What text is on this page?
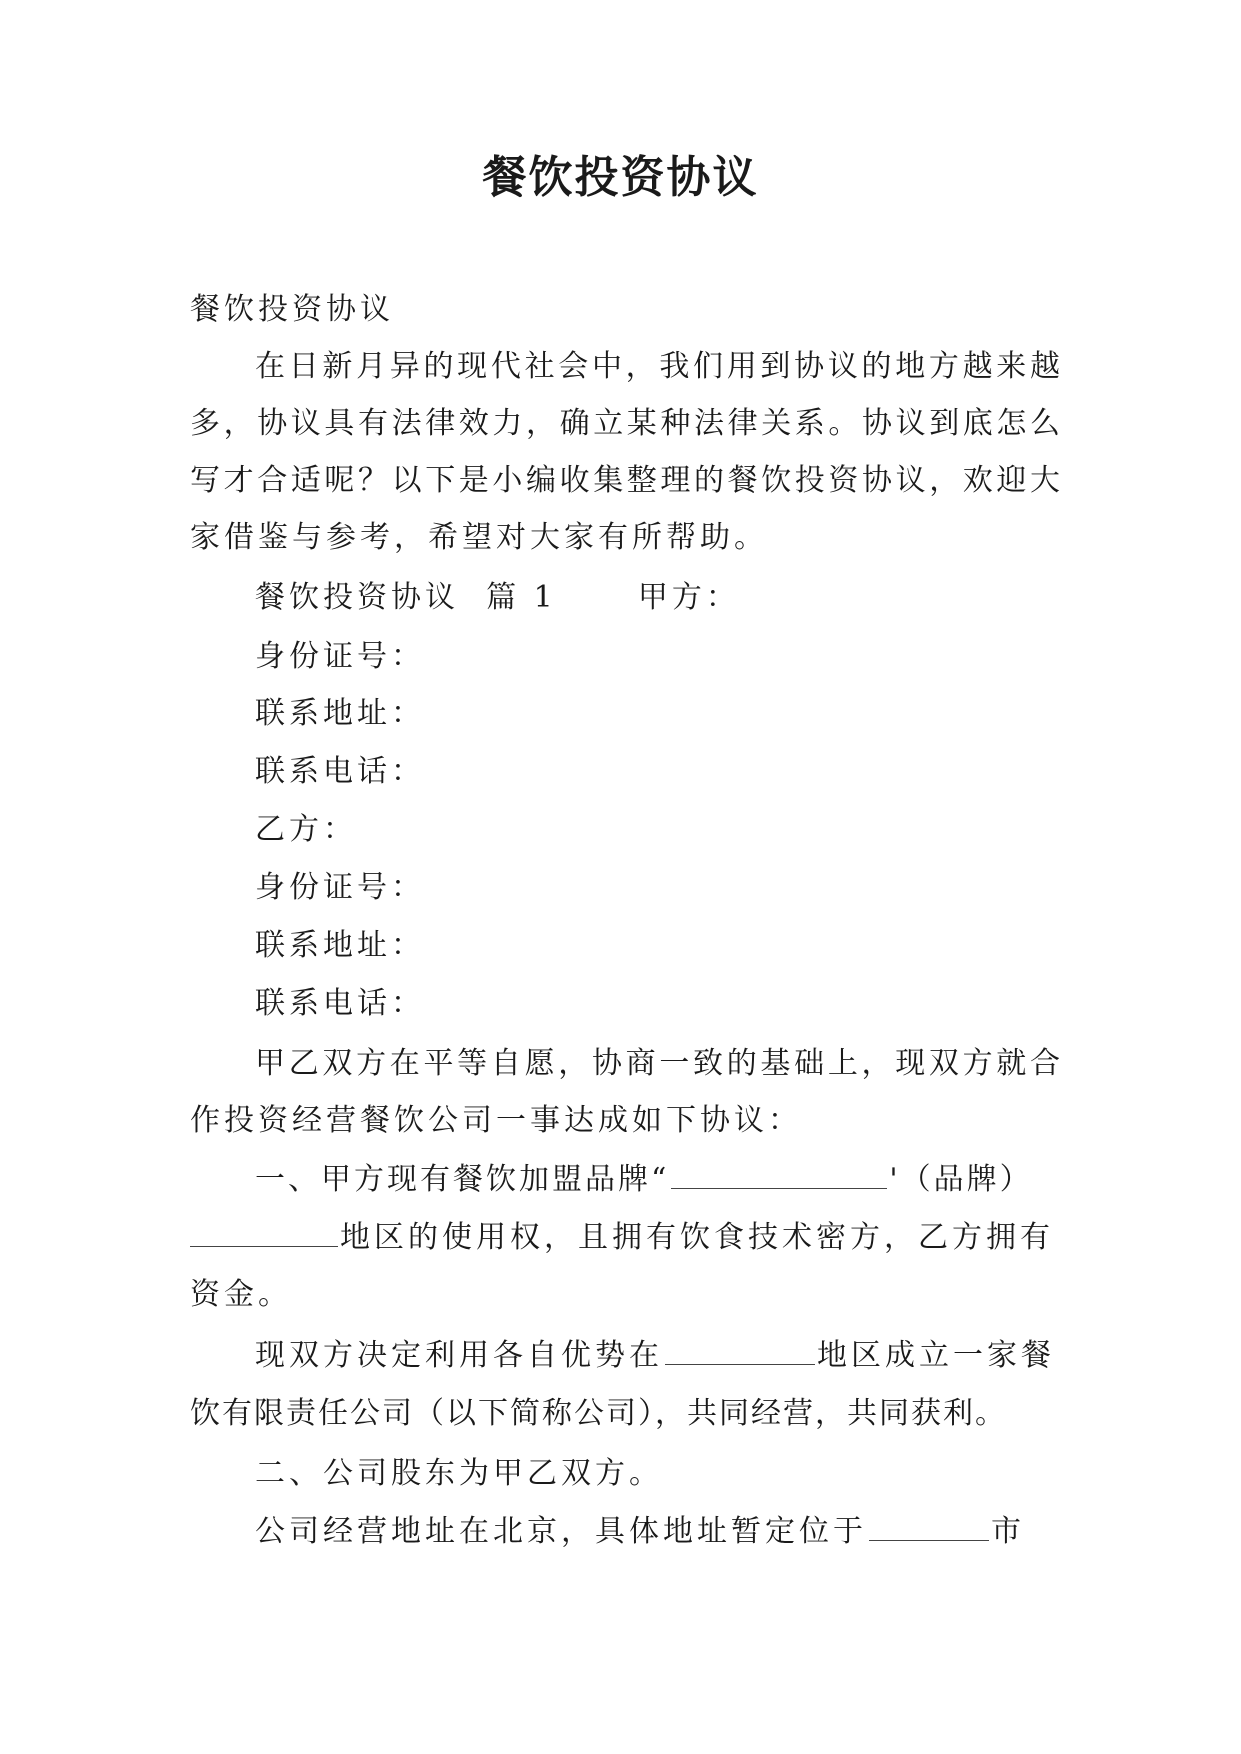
餐饮投资协议
餐饮投资协议
在日新月异的现代社会中，我们用到协议的地方越来越
多，协议具有法律效力，确立某种法律关系。协议到底怎么
写才合适呢？以下是小编收集整理的餐饮投资协议，欢迎大
家借鉴与参考，希望对大家有所帮助。
餐饮投资协议  篇 1      甲方：
身份证号：
联系地址：
联系电话：
乙方：
身份证号：
联系地址：
联系电话：
甲乙双方在平等自愿，协商一致的基础上，现双方就合
作投资经营餐饮公司一事达成如下协议：
一、甲方现有餐饮加盟品牌“	'（品牌）
地区的使用权，且拥有饮食技术密方，乙方拥有
资金。
现双方决定利用各自优势在	地区成立一家餐
饮有限责任公司（以下简称公司），共同经营，共同获利。
二、公司股东为甲乙双方。
公司经营地址在北京，具体地址暂定位于	市
